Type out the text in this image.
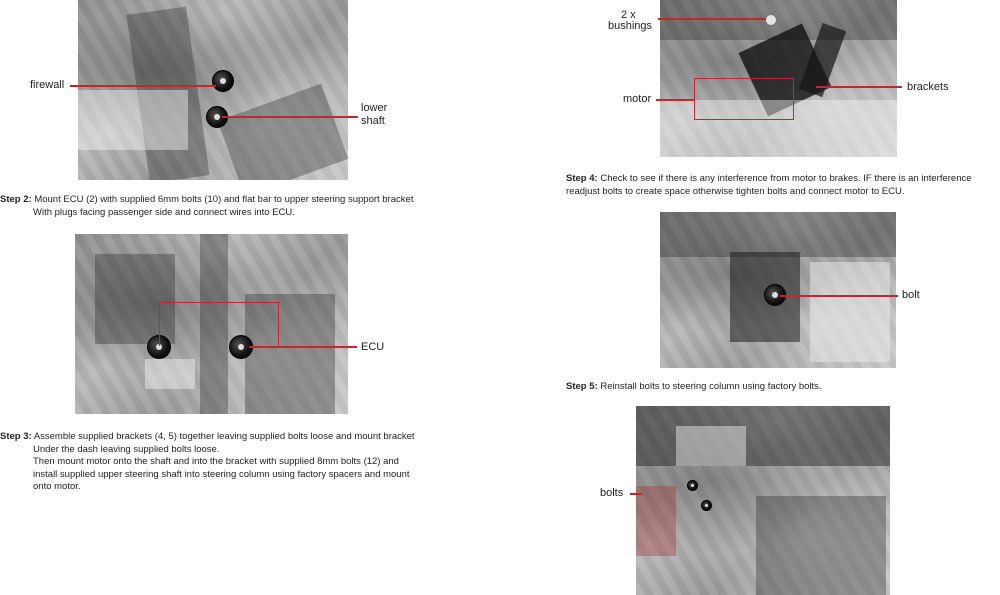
firewall
lower
shaft
Step 2: Mount ECU (2) with supplied 6mm bolts (10) and flat bar to upper steering support bracket
With plugs facing passenger side and connect wires into ECU.
ECU
Step 3: Assemble supplied brackets (4, 5) together leaving supplied bolts loose and mount bracket
Under the dash leaving supplied bolts loose.
Then mount motor onto the shaft and into the bracket with supplied 8mm bolts (12) and
install supplied upper steering shaft into steering column using factory spacers and mount
onto motor.
2 x
bushings
motor
brackets
Step 4: Check to see if there is any interference from motor to brakes. IF there is an interference
readjust bolts to create space otherwise tighten bolts and connect motor to ECU.
bolt
Step 5: Reinstall bolts to steering column using factory bolts.
bolts
